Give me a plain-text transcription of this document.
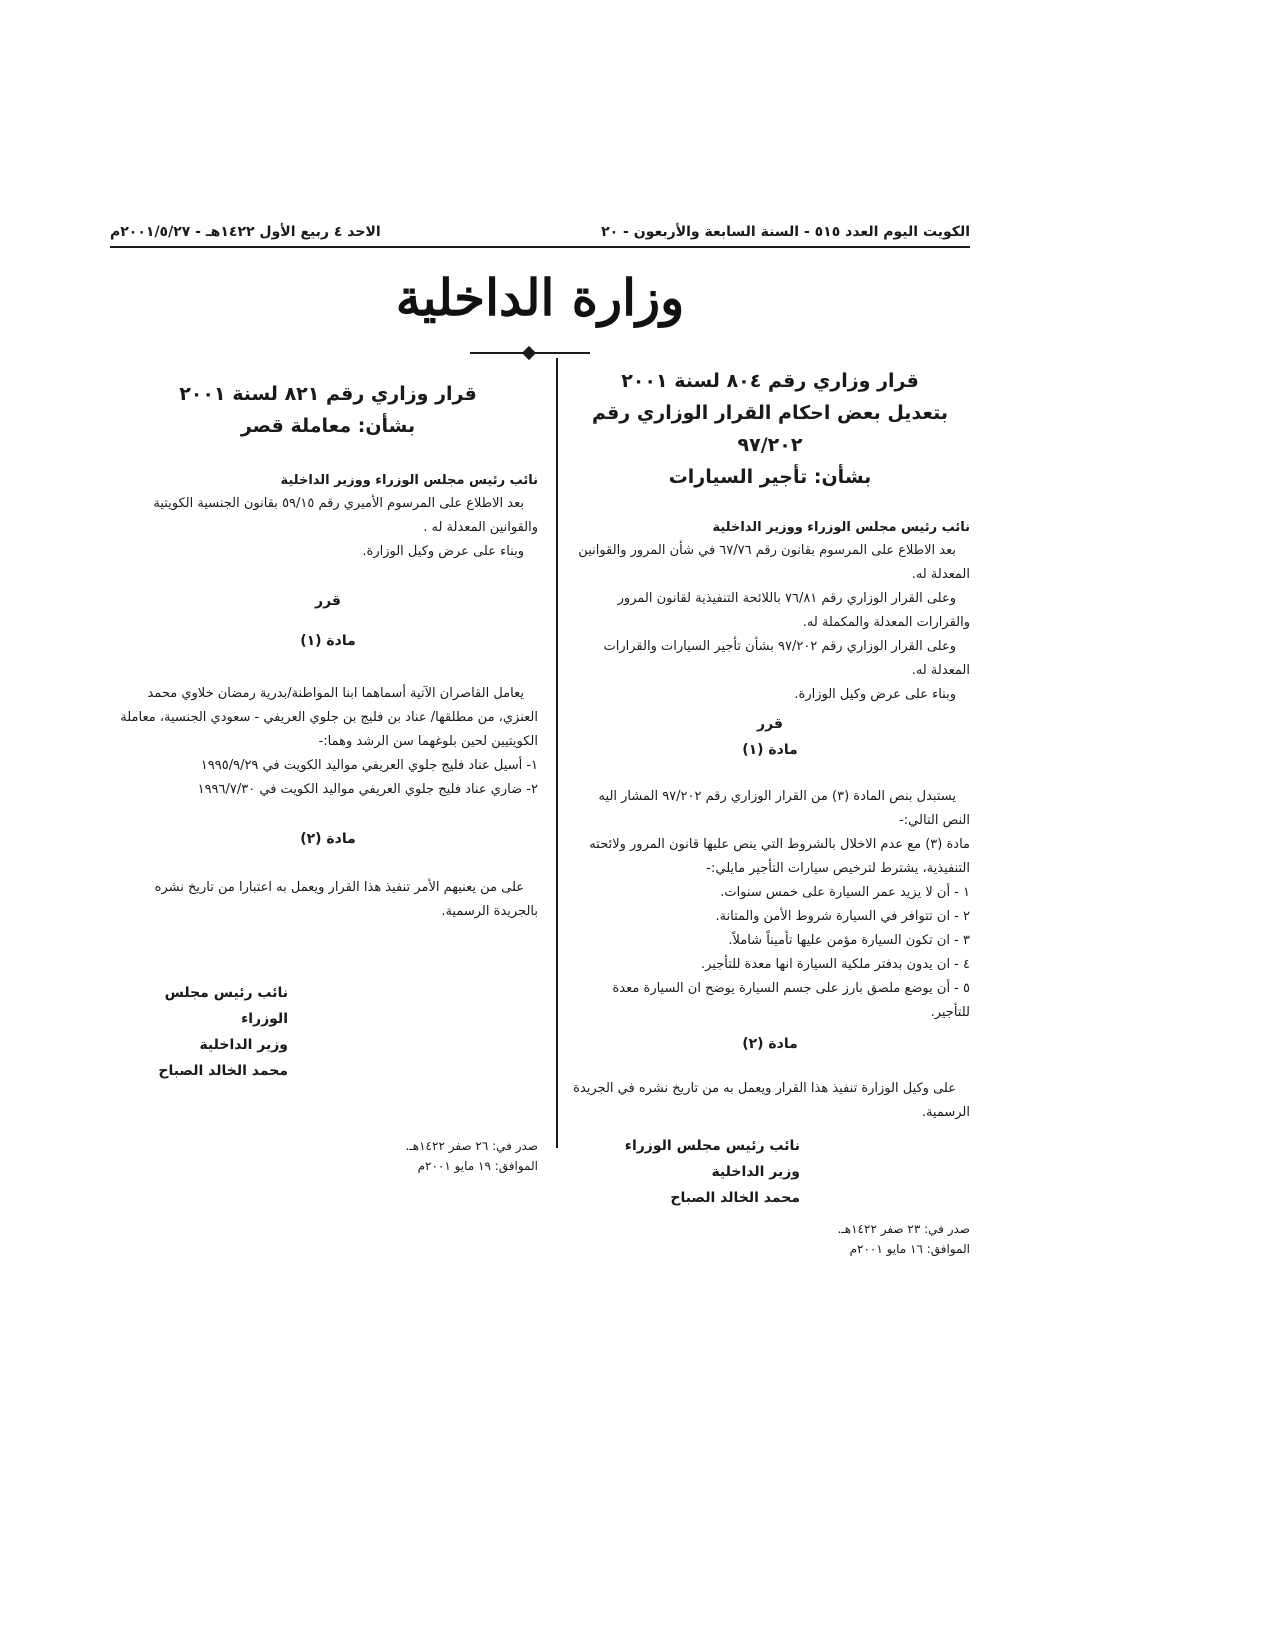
الكويت اليوم العدد ٥١٥ - السنة السابعة والأربعون - ٢٠
الاحد ٤ ربيع الأول ١٤٢٢هـ - ٢٠٠١/٥/٢٧م
وزارة الداخلية

قرار وزاري رقم ٨٠٤ لسنة ٢٠٠١

بتعديل بعض احكام القرار الوزاري رقم ٩٧/٢٠٢

بشأن: تأجير السيارات

نائب رئيس مجلس الوزراء ووزير الداخلية

بعد الاطلاع على المرسوم بقانون رقم ٦٧/٧٦ في شأن المرور والقوانين المعدلة له.

وعلى القرار الوزاري رقم ٧٦/٨١ باللائحة التنفيذية لقانون المرور والقرارات المعدلة والمكملة له.

وعلى القرار الوزاري رقم ٩٧/٢٠٢ بشأن تأجير السيارات والقرارات المعدلة له.

وبناء على عرض وكيل الوزارة.

قرر
مادة (١)

يستبدل بنص المادة (٣) من القرار الوزاري رقم ٩٧/٢٠٢ المشار اليه النص التالي:-

مادة (٣) مع عدم الاخلال بالشروط التي ينص عليها قانون المرور ولائحته التنفيذية، يشترط لترخيص سيارات التأجير مايلي:-

١ - أن لا يزيد عمر السيارة على خمس سنوات.

٢ - ان تتوافر في السيارة شروط الأمن والمتانة.

٣ - ان تكون السيارة مؤمن عليها تأميناً شاملاً.

٤ - ان يدون بدفتر ملكية السيارة انها معدة للتأجير.

٥ - أن يوضع ملصق بارز على جسم السيارة يوضح ان السيارة معدة للتأجير.

مادة (٢)

على وكيل الوزارة تنفيذ هذا القرار ويعمل به من تاريخ نشره في الجريدة الرسمية.

نائب رئيس مجلس الوزراء
وزير الداخلية
محمد الخالد الصباح
صدر في: ٢٣ صفر ١٤٢٢هـ.
الموافق: ١٦ مايو ٢٠٠١م

قرار وزاري رقم ٨٢١ لسنة ٢٠٠١

بشأن: معاملة قصر

نائب رئيس مجلس الوزراء ووزير الداخلية

بعد الاطلاع على المرسوم الأميري رقم ٥٩/١٥ بقانون الجنسية الكويتية والقوانين المعدلة له .

وبناء على عرض وكيل الوزارة.

قرر
مادة (١)

يعامل القاصران الآتية أسماهما ابنا المواطنة/بدرية رمضان خلاوي محمد العنزي، من مطلقها/ عناد بن فليج بن جلوي العريفي - سعودي الجنسية، معاملة الكويتيين لحين بلوغهما سن الرشد وهما:-

١- أسيل عناد فليج جلوي العريفي مواليد الكويت في ١٩٩٥/٩/٢٩

٢- ضاري عناد فليج جلوي العريفي مواليد الكويت في ١٩٩٦/٧/٣٠

مادة (٢)

على من يعنيهم الأمر تنفيذ هذا القرار ويعمل به اعتبارا من تاريخ نشره بالجريدة الرسمية.

نائب رئيس مجلس الوزراء
وزير الداخلية
محمد الخالد الصباح
صدر في: ٢٦ صفر ١٤٢٢هـ.
الموافق: ١٩ مايو ٢٠٠١م
